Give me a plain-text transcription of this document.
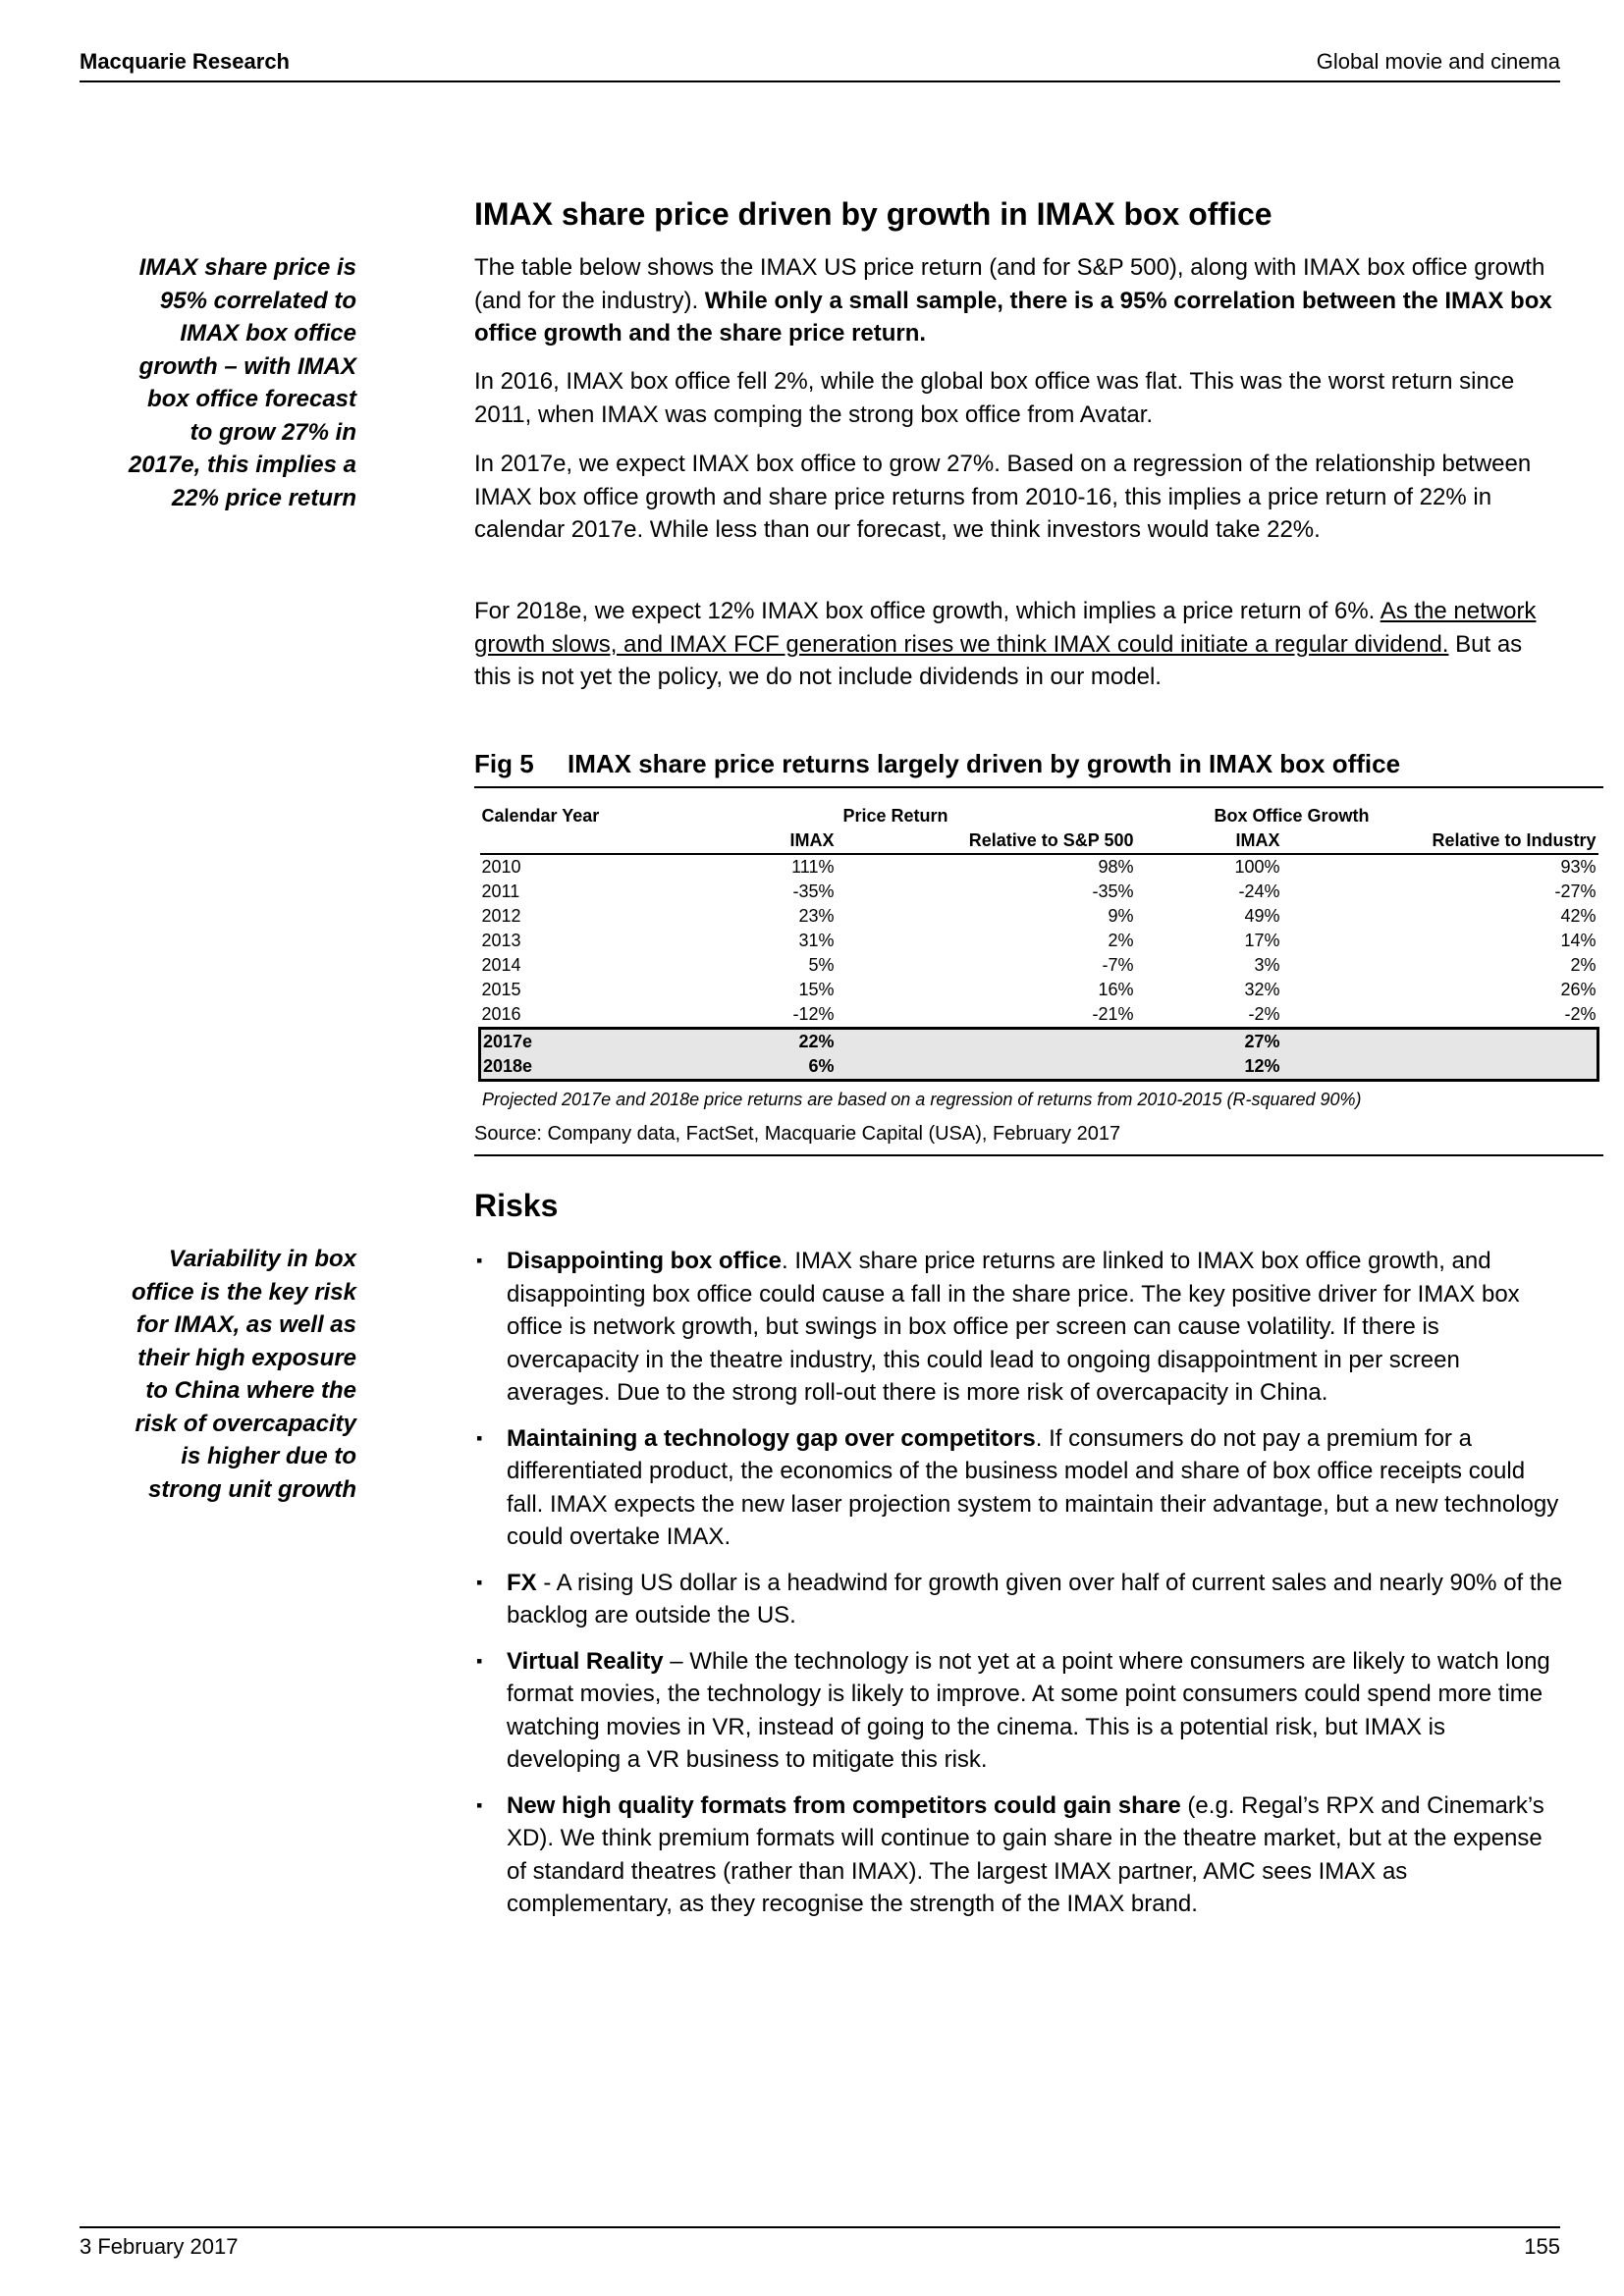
Macquarie Research	Global movie and cinema
IMAX share price is
95% correlated to
IMAX box office
growth – with IMAX
box office forecast
to grow 27% in
2017e, this implies a
22% price return
IMAX share price driven by growth in IMAX box office
The table below shows the IMAX US price return (and for S&P 500), along with IMAX box office growth (and for the industry). While only a small sample, there is a 95% correlation between the IMAX box office growth and the share price return.
In 2016, IMAX box office fell 2%, while the global box office was flat. This was the worst return since 2011, when IMAX was comping the strong box office from Avatar.
In 2017e, we expect IMAX box office to grow 27%. Based on a regression of the relationship between IMAX box office growth and share price returns from 2010-16, this implies a price return of 22% in calendar 2017e. While less than our forecast, we think investors would take 22%.
For 2018e, we expect 12% IMAX box office growth, which implies a price return of 6%. As the network growth slows, and IMAX FCF generation rises we think IMAX could initiate a regular dividend. But as this is not yet the policy, we do not include dividends in our model.
Fig 5 IMAX share price returns largely driven by growth in IMAX box office
Calendar Year	Price Return		Box Office Growth	
	IMAX	Relative to S&P 500	IMAX	Relative to Industry
2010	111%	98%	100%	93%
2011	-35%	-35%	-24%	-27%
2012	23%	9%	49%	42%
2013	31%	2%	17%	14%
2014	5%	-7%	3%	2%
2015	15%	16%	32%	26%
2016	-12%	-21%	-2%	-2%
2017e	22%		27%	
2018e	6%		12%	
Projected 2017e and 2018e price returns are based on a regression of returns from 2010-2015 (R-squared 90%)
Source: Company data, FactSet, Macquarie Capital (USA), February 2017
Risks
Variability in box
office is the key risk
for IMAX, as well as
their high exposure
to China where the
risk of overcapacity
is higher due to
strong unit growth
▪ Disappointing box office. IMAX share price returns are linked to IMAX box office growth, and disappointing box office could cause a fall in the share price. The key positive driver for IMAX box office is network growth, but swings in box office per screen can cause volatility. If there is overcapacity in the theatre industry, this could lead to ongoing disappointment in per screen averages. Due to the strong roll-out there is more risk of overcapacity in China.
▪ Maintaining a technology gap over competitors. If consumers do not pay a premium for a differentiated product, the economics of the business model and share of box office receipts could fall. IMAX expects the new laser projection system to maintain their advantage, but a new technology could overtake IMAX.
▪ FX - A rising US dollar is a headwind for growth given over half of current sales and nearly 90% of the backlog are outside the US.
▪ Virtual Reality – While the technology is not yet at a point where consumers are likely to watch long format movies, the technology is likely to improve. At some point consumers could spend more time watching movies in VR, instead of going to the cinema. This is a potential risk, but IMAX is developing a VR business to mitigate this risk.
▪ New high quality formats from competitors could gain share (e.g. Regal’s RPX and Cinemark’s XD). We think premium formats will continue to gain share in the theatre market, but at the expense of standard theatres (rather than IMAX). The largest IMAX partner, AMC sees IMAX as complementary, as they recognise the strength of the IMAX brand.
3 February 2017	155
